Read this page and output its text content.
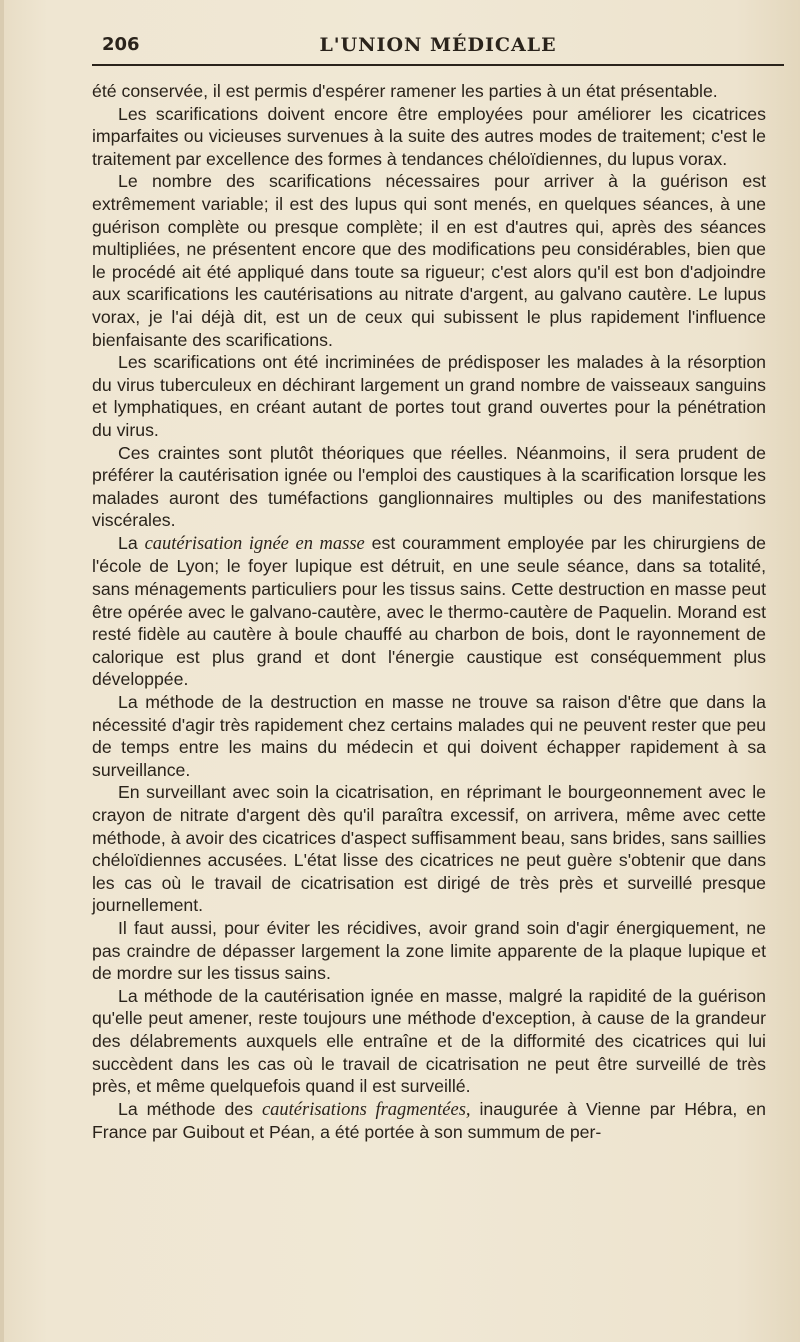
206	L'UNION MÉDICALE

été conservée, il est permis d'espérer ramener les parties à un état présentable.

Les scarifications doivent encore être employées pour améliorer les cicatrices imparfaites ou vicieuses survenues à la suite des autres modes de traitement; c'est le traitement par excellence des formes à tendances chéloïdiennes, du lupus vorax.

Le nombre des scarifications nécessaires pour arriver à la guérison est extrêmement variable; il est des lupus qui sont menés, en quelques séances, à une guérison complète ou presque complète; il en est d'autres qui, après des séances multipliées, ne présentent encore que des modifications peu considérables, bien que le procédé ait été appliqué dans toute sa rigueur; c'est alors qu'il est bon d'adjoindre aux scarifications les cautérisations au nitrate d'argent, au galvano cautère. Le lupus vorax, je l'ai déjà dit, est un de ceux qui subissent le plus rapidement l'influence bienfaisante des scarifications.

Les scarifications ont été incriminées de prédisposer les malades à la résorption du virus tuberculeux en déchirant largement un grand nombre de vaisseaux sanguins et lymphatiques, en créant autant de portes tout grand ouvertes pour la pénétration du virus.

Ces craintes sont plutôt théoriques que réelles. Néanmoins, il sera prudent de préférer la cautérisation ignée ou l'emploi des caustiques à la scarification lorsque les malades auront des tuméfactions ganglionnaires multiples ou des manifestations viscérales.

La cautérisation ignée en masse est couramment employée par les chirurgiens de l'école de Lyon; le foyer lupique est détruit, en une seule séance, dans sa totalité, sans ménagements particuliers pour les tissus sains. Cette destruction en masse peut être opérée avec le galvano-cautère, avec le thermo-cautère de Paquelin. Morand est resté fidèle au cautère à boule chauffé au charbon de bois, dont le rayonnement de calorique est plus grand et dont l'énergie caustique est conséquemment plus développée.

La méthode de la destruction en masse ne trouve sa raison d'être que dans la nécessité d'agir très rapidement chez certains malades qui ne peuvent rester que peu de temps entre les mains du médecin et qui doivent échapper rapidement à sa surveillance.

En surveillant avec soin la cicatrisation, en réprimant le bourgeonnement avec le crayon de nitrate d'argent dès qu'il paraîtra excessif, on arrivera, même avec cette méthode, à avoir des cicatrices d'aspect suffisamment beau, sans brides, sans saillies chéloïdiennes accusées. L'état lisse des cicatrices ne peut guère s'obtenir que dans les cas où le travail de cicatrisation est dirigé de très près et surveillé presque journellement.

Il faut aussi, pour éviter les récidives, avoir grand soin d'agir énergiquement, ne pas craindre de dépasser largement la zone limite apparente de la plaque lupique et de mordre sur les tissus sains.

La méthode de la cautérisation ignée en masse, malgré la rapidité de la guérison qu'elle peut amener, reste toujours une méthode d'exception, à cause de la grandeur des délabrements auxquels elle entraîne et de la difformité des cicatrices qui lui succèdent dans les cas où le travail de cicatrisation ne peut être surveillé de très près, et même quelquefois quand il est surveillé.

La méthode des cautérisations fragmentées, inaugurée à Vienne par Hébra, en France par Guibout et Péan, a été portée à son summum de per-
